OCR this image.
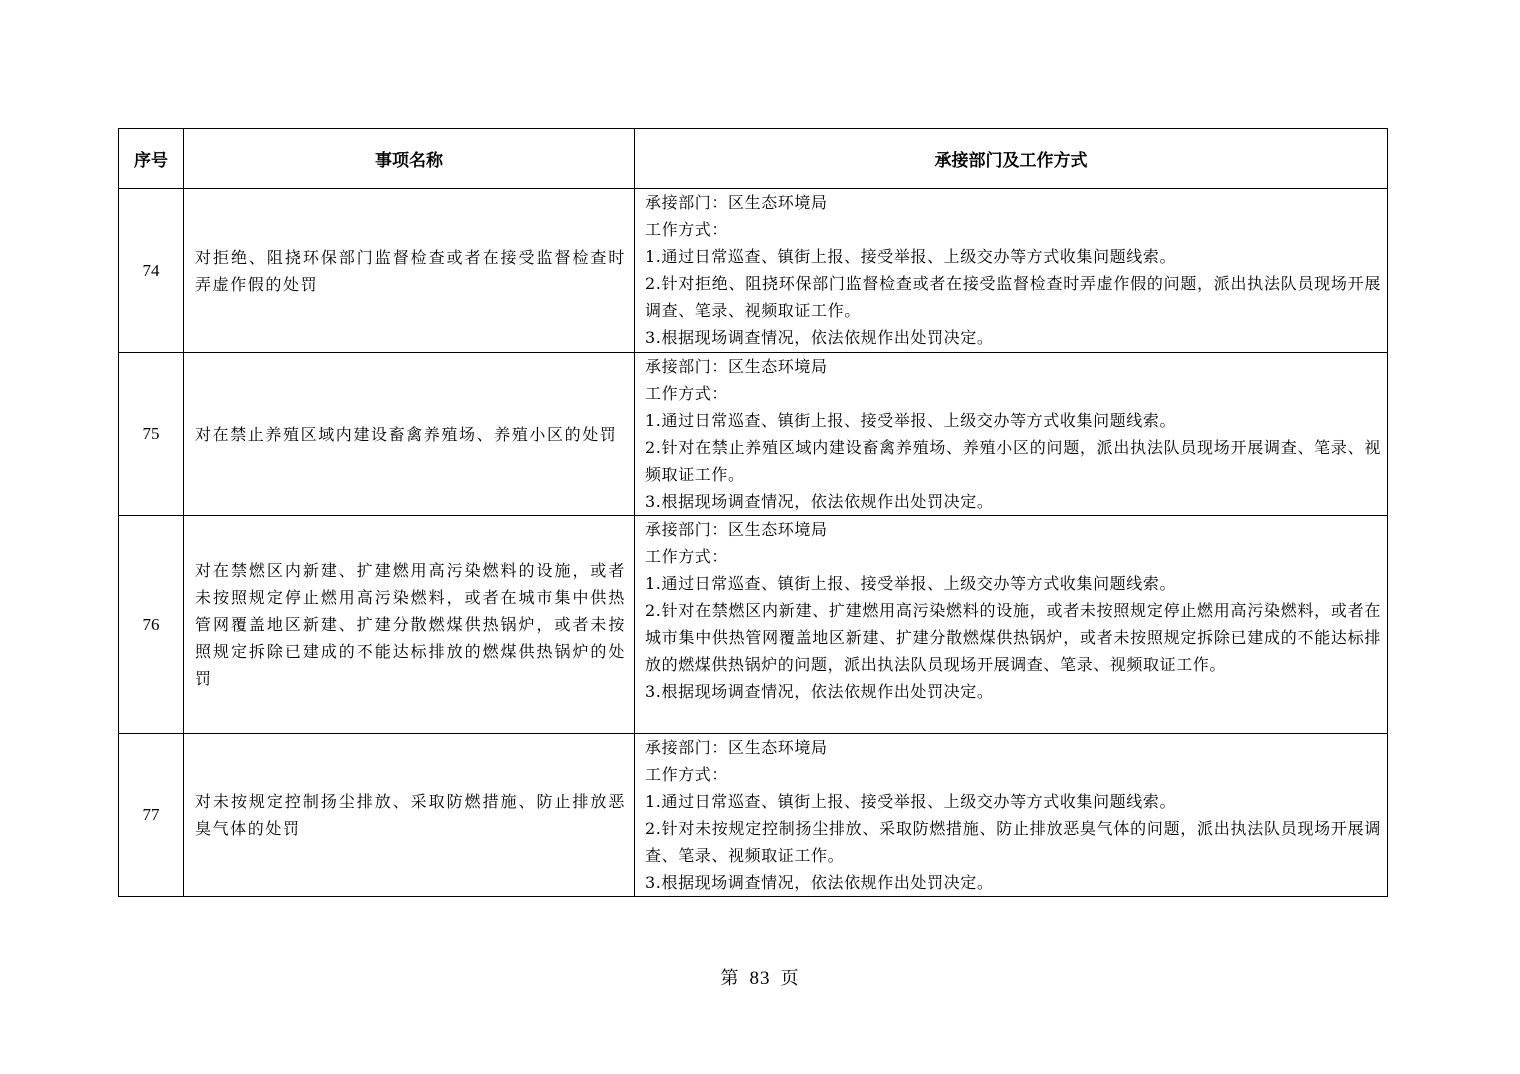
序号	事项名称	承接部门及工作方式
74	对拒绝、阻挠环保部门监督检查或者在接受监督检查时弄虚作假的处罚	承接部门：区生态环境局
工作方式：
1.通过日常巡查、镇街上报、接受举报、上级交办等方式收集问题线索。
2.针对拒绝、阻挠环保部门监督检查或者在接受监督检查时弄虚作假的问题，派出执法队员现场开展调查、笔录、视频取证工作。
3.根据现场调查情况，依法依规作出处罚决定。

75	对在禁止养殖区域内建设畜禽养殖场、养殖小区的处罚	承接部门：区生态环境局
工作方式：
1.通过日常巡查、镇街上报、接受举报、上级交办等方式收集问题线索。
2.针对在禁止养殖区域内建设畜禽养殖场、养殖小区的问题，派出执法队员现场开展调查、笔录、视频取证工作。
3.根据现场调查情况，依法依规作出处罚决定。

76	对在禁燃区内新建、扩建燃用高污染燃料的设施，或者未按照规定停止燃用高污染燃料，或者在城市集中供热管网覆盖地区新建、扩建分散燃煤供热锅炉，或者未按照规定拆除已建成的不能达标排放的燃煤供热锅炉的处罚	承接部门：区生态环境局
工作方式：
1.通过日常巡查、镇街上报、接受举报、上级交办等方式收集问题线索。
2.针对在禁燃区内新建、扩建燃用高污染燃料的设施，或者未按照规定停止燃用高污染燃料，或者在城市集中供热管网覆盖地区新建、扩建分散燃煤供热锅炉，或者未按照规定拆除已建成的不能达标排放的燃煤供热锅炉的问题，派出执法队员现场开展调查、笔录、视频取证工作。
3.根据现场调查情况，依法依规作出处罚决定。

77	对未按规定控制扬尘排放、采取防燃措施、防止排放恶臭气体的处罚	承接部门：区生态环境局
工作方式：
1.通过日常巡查、镇街上报、接受举报、上级交办等方式收集问题线索。
2.针对未按规定控制扬尘排放、采取防燃措施、防止排放恶臭气体的问题，派出执法队员现场开展调查、笔录、视频取证工作。
3.根据现场调查情况，依法依规作出处罚决定。
第 83 页
